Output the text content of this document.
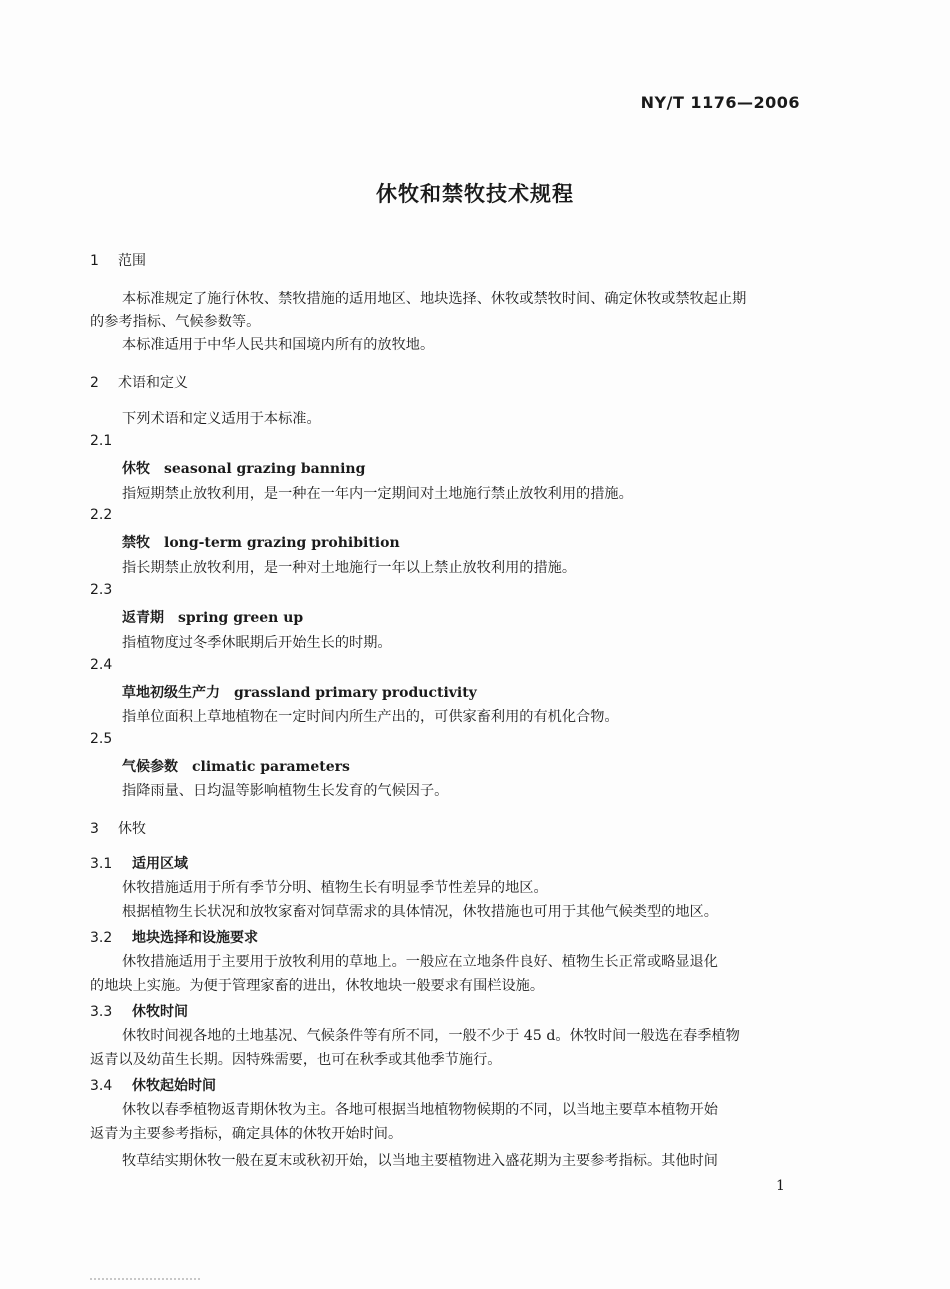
NY/T 1176—2006
休牧和禁牧技术规程
1 范围
本标准规定了施行休牧、禁牧措施的适用地区、地块选择、休牧或禁牧时间、确定休牧或禁牧起止期
的参考指标、气候参数等。
本标准适用于中华人民共和国境内所有的放牧地。
2 术语和定义
下列术语和定义适用于本标准。
2.1
休牧 seasonal grazing banning
指短期禁止放牧利用，是一种在一年内一定期间对土地施行禁止放牧利用的措施。
2.2
禁牧 long-term grazing prohibition
指长期禁止放牧利用，是一种对土地施行一年以上禁止放牧利用的措施。
2.3
返青期 spring green up
指植物度过冬季休眠期后开始生长的时期。
2.4
草地初级生产力 grassland primary productivity
指单位面积上草地植物在一定时间内所生产出的，可供家畜利用的有机化合物。
2.5
气候参数 climatic parameters
指降雨量、日均温等影响植物生长发育的气候因子。
3 休牧
3.1 适用区域
休牧措施适用于所有季节分明、植物生长有明显季节性差异的地区。
根据植物生长状况和放牧家畜对饲草需求的具体情况，休牧措施也可用于其他气候类型的地区。
3.2 地块选择和设施要求
休牧措施适用于主要用于放牧利用的草地上。一般应在立地条件良好、植物生长正常或略显退化
的地块上实施。为便于管理家畜的进出，休牧地块一般要求有围栏设施。
3.3 休牧时间
休牧时间视各地的土地基况、气候条件等有所不同，一般不少于 45 d。休牧时间一般选在春季植物
返青以及幼苗生长期。因特殊需要，也可在秋季或其他季节施行。
3.4 休牧起始时间
休牧以春季植物返青期休牧为主。各地可根据当地植物物候期的不同，以当地主要草本植物开始
返青为主要参考指标，确定具体的休牧开始时间。
牧草结实期休牧一般在夏末或秋初开始，以当地主要植物进入盛花期为主要参考指标。其他时间
1
